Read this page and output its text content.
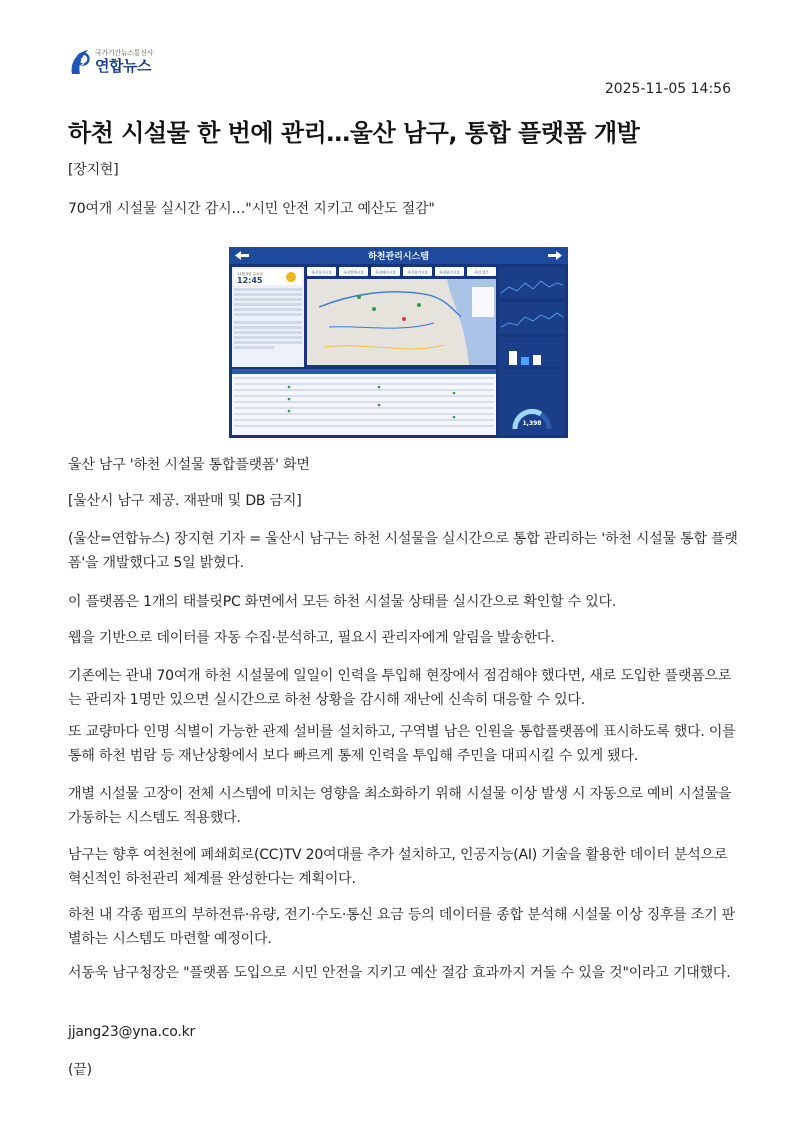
y
국가기간뉴스통신사
연합뉴스
2025-11-05 14:56
하천 시설물 한 번에 관리…울산 남구, 통합 플랫폼 개발
[장지현]
70여개 시설물 실시간 감시…"시민 안전 지키고 예산도 절감"
하천관리시스템
11월 5일 수요일
12:45
하천유지시설	하천방재시설	하천배수시설	하천관리시설	하천편의시설	하천 업무
1,398
울산 남구 '하천 시설물 통합플랫폼' 화면
[울산시 남구 제공. 재판매 및 DB 금지]
(울산=연합뉴스) 장지현 기자 = 울산시 남구는 하천 시설물을 실시간으로 통합 관리하는 '하천 시설물 통합 플랫폼'을 개발했다고 5일 밝혔다.
이 플랫폼은 1개의 태블릿PC 화면에서 모든 하천 시설물 상태를 실시간으로 확인할 수 있다.
웹을 기반으로 데이터를 자동 수집·분석하고, 필요시 관리자에게 알림을 발송한다.
기존에는 관내 70여개 하천 시설물에 일일이 인력을 투입해 현장에서 점검해야 했다면, 새로 도입한 플랫폼으로는 관리자 1명만 있으면 실시간으로 하천 상황을 감시해 재난에 신속히 대응할 수 있다.
또 교량마다 인명 식별이 가능한 관제 설비를 설치하고, 구역별 남은 인원을 통합플랫폼에 표시하도록 했다. 이를 통해 하천 범람 등 재난상황에서 보다 빠르게 통제 인력을 투입해 주민을 대피시킬 수 있게 됐다.
개별 시설물 고장이 전체 시스템에 미치는 영향을 최소화하기 위해 시설물 이상 발생 시 자동으로 예비 시설물을 가동하는 시스템도 적용했다.
남구는 향후 여천천에 폐쇄회로(CC)TV 20여대를 추가 설치하고, 인공지능(AI) 기술을 활용한 데이터 분석으로 혁신적인 하천관리 체계를 완성한다는 계획이다.
하천 내 각종 펌프의 부하전류·유량, 전기·수도·통신 요금 등의 데이터를 종합 분석해 시설물 이상 징후를 조기 판별하는 시스템도 마련할 예정이다.
서동욱 남구청장은 "플랫폼 도입으로 시민 안전을 지키고 예산 절감 효과까지 거둘 수 있을 것"이라고 기대했다.
jjang23@yna.co.kr
(끝)
